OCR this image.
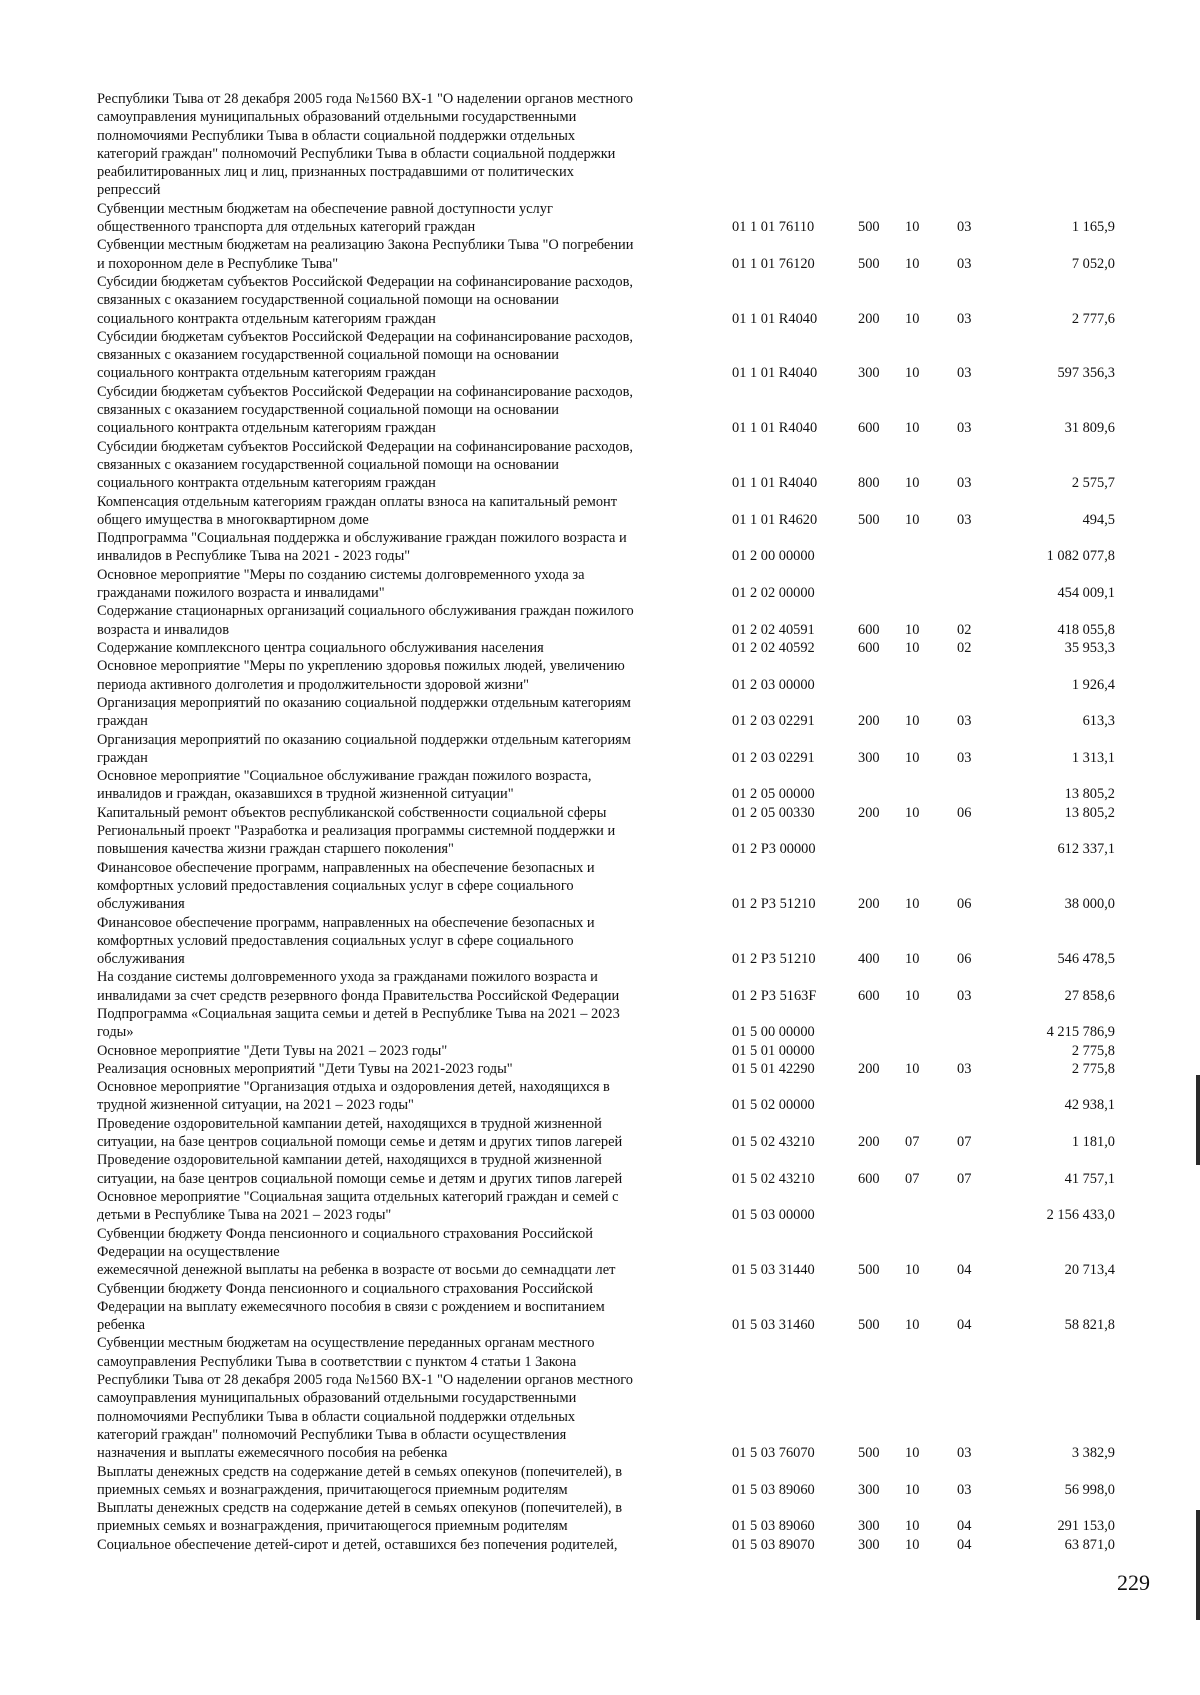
Республики Тыва от 28 декабря 2005 года №1560 ВХ-1 "О наделении органов местного
самоуправления муниципальных образований отдельными государственными
полномочиями Республики Тыва в области социальной поддержки отдельных
категорий граждан" полномочий Республики Тыва в области социальной поддержки
реабилитированных лиц и лиц, признанных пострадавшими от политических
репрессий
Субвенции местным бюджетам на обеспечение равной доступности услуг
общественного транспорта для отдельных категорий граждан	01 1 01 76110	500 10	03	1 165,9
Субвенции местным бюджетам на реализацию Закона Республики Тыва "О погребении
и похоронном деле в Республике Тыва"	01 1 01 76120	500 10	03	7 052,0
Субсидии бюджетам субъектов Российской Федерации на софинансирование расходов,
связанных с оказанием государственной социальной помощи на основании
социального контракта отдельным категориям граждан	01 1 01 R4040	200 10	03	2 777,6
Субсидии бюджетам субъектов Российской Федерации на софинансирование расходов,
связанных с оказанием государственной социальной помощи на основании
социального контракта отдельным категориям граждан	01 1 01 R4040	300 10	03	597 356,3
Субсидии бюджетам субъектов Российской Федерации на софинансирование расходов,
связанных с оказанием государственной социальной помощи на основании
социального контракта отдельным категориям граждан	01 1 01 R4040	600 10	03	31 809,6
Субсидии бюджетам субъектов Российской Федерации на софинансирование расходов,
связанных с оказанием государственной социальной помощи на основании
социального контракта отдельным категориям граждан	01 1 01 R4040	800 10	03	2 575,7
Компенсация отдельным категориям граждан оплаты взноса на капитальный ремонт
общего имущества в многоквартирном доме	01 1 01 R4620	500 10	03	494,5
Подпрограмма "Социальная поддержка и обслуживание граждан пожилого возраста и
инвалидов в Республике Тыва на 2021 - 2023 годы"	01 2 00 00000	1 082 077,8
Основное мероприятие "Меры по созданию системы долговременного ухода за
гражданами пожилого возраста и инвалидами"	01 2 02 00000	454 009,1
Содержание стационарных организаций социального обслуживания граждан пожилого
возраста и инвалидов	01 2 02 40591	600 10	02	418 055,8
Содержание комплексного центра социального обслуживания населения	01 2 02 40592	600 10	02	35 953,3
Основное мероприятие "Меры по укреплению здоровья пожилых людей, увеличению
периода активного долголетия и продолжительности здоровой жизни"	01 2 03 00000	1 926,4
Организация мероприятий по оказанию социальной поддержки отдельным категориям
граждан	01 2 03 02291	200 10	03	613,3
Организация мероприятий по оказанию социальной поддержки отдельным категориям
граждан	01 2 03 02291	300 10	03	1 313,1
Основное мероприятие "Социальное обслуживание граждан пожилого возраста,
инвалидов и граждан, оказавшихся в трудной жизненной ситуации"	01 2 05 00000	13 805,2
Капитальный ремонт объектов республиканской собственности социальной сферы	01 2 05 00330	200 10	06	13 805,2
Региональный проект "Разработка и реализация программы системной поддержки и
повышения качества жизни граждан старшего поколения"	01 2 P3 00000	612 337,1
Финансовое обеспечение программ, направленных на обеспечение безопасных и
комфортных условий предоставления социальных услуг в сфере социального
обслуживания	01 2 P3 51210	200 10	06	38 000,0
Финансовое обеспечение программ, направленных на обеспечение безопасных и
комфортных условий предоставления социальных услуг в сфере социального
обслуживания	01 2 P3 51210	400 10	06	546 478,5
На создание системы долговременного ухода за гражданами пожилого возраста и
инвалидами за счет средств резервного фонда Правительства Российской Федерации	01 2 P3 5163F	600 10	03	27 858,6
Подпрограмма «Социальная защита семьи и детей в Республике Тыва на 2021 – 2023
годы»	01 5 00 00000	4 215 786,9
Основное мероприятие "Дети Тувы на 2021 – 2023 годы"	01 5 01 00000	2 775,8
Реализация основных мероприятий "Дети Тувы на 2021-2023 годы"	01 5 01 42290	200 10	03	2 775,8
Основное мероприятие "Организация отдыха и оздоровления детей, находящихся в
трудной жизненной ситуации, на 2021 – 2023 годы"	01 5 02 00000	42 938,1
Проведение оздоровительной кампании детей, находящихся в трудной жизненной
ситуации, на базе центров социальной помощи семье и детям и других типов лагерей	01 5 02 43210	200 07	07	1 181,0
Проведение оздоровительной кампании детей, находящихся в трудной жизненной
ситуации, на базе центров социальной помощи семье и детям и других типов лагерей	01 5 02 43210	600 07	07	41 757,1
Основное мероприятие "Социальная защита отдельных категорий граждан и семей с
детьми в Республике Тыва на 2021 – 2023 годы"	01 5 03 00000	2 156 433,0
Субвенции бюджету Фонда пенсионного и социального страхования Российской
Федерации на осуществление
ежемесячной денежной выплаты на ребенка в возрасте от восьми до семнадцати лет	01 5 03 31440	500 10	04	20 713,4
Субвенции бюджету Фонда пенсионного и социального страхования Российской
Федерации на выплату ежемесячного пособия в связи с рождением и воспитанием
ребенка	01 5 03 31460	500 10	04	58 821,8
Субвенции местным бюджетам на осуществление переданных органам местного
самоуправления Республики Тыва в соответствии с пунктом 4 статьи 1 Закона
Республики Тыва от 28 декабря 2005 года №1560 ВХ-1 "О наделении органов местного
самоуправления муниципальных образований отдельными государственными
полномочиями Республики Тыва в области социальной поддержки отдельных
категорий граждан" полномочий Республики Тыва в области осуществления
назначения и выплаты ежемесячного пособия на ребенка	01 5 03 76070	500 10	03	3 382,9
Выплаты денежных средств на содержание детей в семьях опекунов (попечителей), в
приемных семьях и вознаграждения, причитающегося приемным родителям	01 5 03 89060	300 10	03	56 998,0
Выплаты денежных средств на содержание детей в семьях опекунов (попечителей), в
приемных семьях и вознаграждения, причитающегося приемным родителям	01 5 03 89060	300 10	04	291 153,0
Социальное обеспечение детей-сирот и детей, оставшихся без попечения родителей,	01 5 03 89070	300 10	04	63 871,0
229
